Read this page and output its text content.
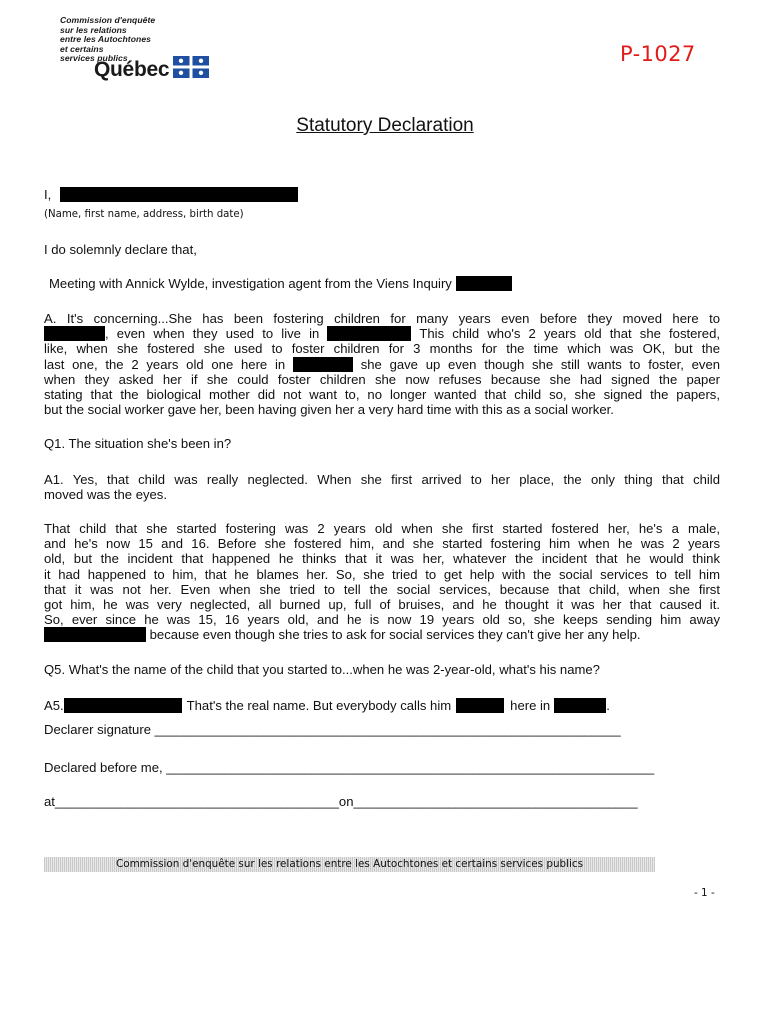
Commission d'enquête
sur les relations
entre les Autochtones
et certains
services publics
Québec
P-1027
Statutory Declaration
I,
(Name, first name, address, birth date)
I do solemnly declare that,
Meeting with Annick Wylde, investigation agent from the Viens Inquiry
A. It's concerning...She has been fostering children for many years even before they moved here to
, even when they used to live in	This child who's 2 years old that she fostered,
like, when she fostered she used to foster children for 3 months for the time which was OK, but the
last one, the 2 years old one here in	she gave up even though she still wants to foster, even
when they asked her if she could foster children she now refuses because she had signed the paper
stating that the biological mother did not want to, no longer wanted that child so, she signed the papers,
but the social worker gave her, been having given her a very hard time with this as a social worker.
Q1. The situation she's been in?
A1. Yes, that child was really neglected. When she first arrived to her place, the only thing that child
moved was the eyes.
That child that she started fostering was 2 years old when she first started fostered her, he's a male,
and he's now 15 and 16. Before she fostered him, and she started fostering him when he was 2 years
old, but the incident that happened he thinks that it was her, whatever the incident that he would think
it had happened to him, that he blames her. So, she tried to get help with the social services to tell him
that it was not her. Even when she tried to tell the social services, because that child, when she first
got him, he was very neglected, all burned up, full of bruises, and he thought it was her that caused it.
So, ever since he was 15, 16 years old, and he is now 19 years old so, she keeps sending him away
because even though she tries to ask for social services they can't give her any help.
Q5. What's the name of the child that you started to...when he was 2-year-old, what's his name?
A5.	That's the real name. But everybody calls him	here in	.
Declarer signature ________________________________________________________________
Declared before me, ___________________________________________________________________
at_______________________________________on_______________________________________
Commission d'enquête sur les relations entre les Autochtones et certains services publics
- 1 -
